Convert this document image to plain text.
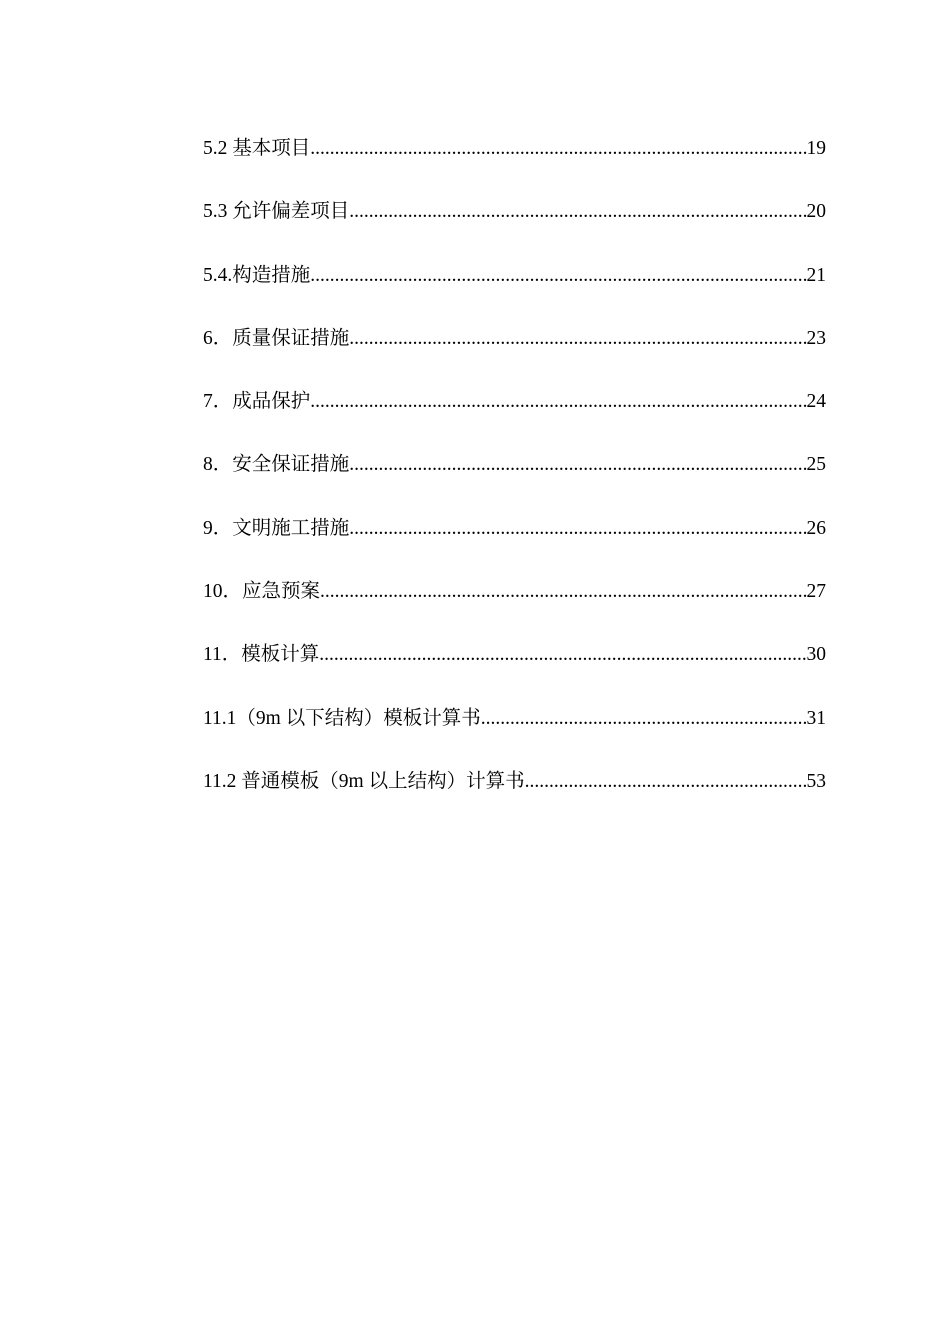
5.2 基本项目 .....	19
5.3 允许偏差项目 .....	20
5.4.构造措施 .....	21
6．质量保证措施 .....	23
7．成品保护 .....	24
8．安全保证措施 .....	25
9．文明施工措施 .....	26
10．应急预案 .....	27
11．模板计算 .....	30
11.1（9m 以下结构）模板计算书 .....	31
11.2 普通模板（9m 以上结构）计算书 .....	53
